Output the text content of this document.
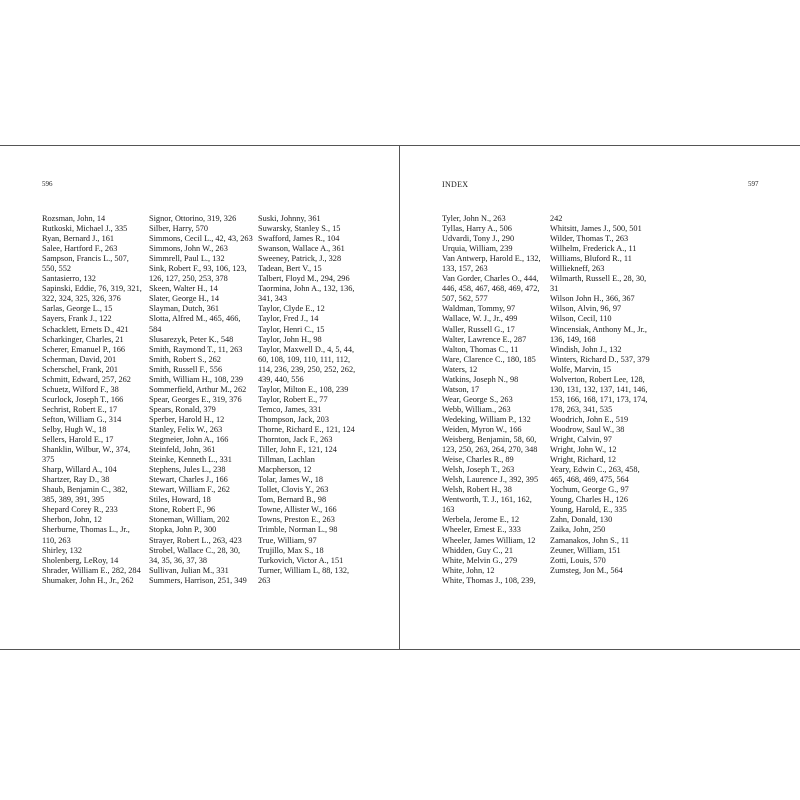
596
Rozsman, John, 14
Rutkoski, Michael J., 335
Ryan, Bernard J., 161
Salee, Hartford F., 263
Sampson, Francis L., 507,
550, 552
Santasierro, 132
Sapinski, Eddie, 76, 319, 321,
322, 324, 325, 326, 376
Sarlas, George L., 15
Sayers, Frank J., 122
Schacklett, Ernets D., 421
Scharkinger, Charles, 21
Scherer, Emanuel P., 166
Scherman, David, 201
Scherschel, Frank, 201
Schmitt, Edward, 257, 262
Schuetz, Wilford F., 38
Scurlock, Joseph T., 166
Sechrist, Robert E., 17
Sefton, William G., 314
Selby, Hugh W., 18
Sellers, Harold E., 17
Shanklin, Wilbur, W., 374,
375
Sharp, Willard A., 104
Shartzer, Ray D., 38
Shaub, Benjamin C., 382,
385, 389, 391, 395
Shepard Corey R., 233
Sherbon, John, 12
Sherburne, Thomas L., Jr.,
110, 263
Shirley, 132
Sholenberg, LeRoy, 14
Shrader, William E., 282, 284
Shumaker, John H., Jr., 262
Signor, Ottorino, 319, 326
Silber, Harry, 570
Simmons, Cecil L., 42, 43, 263
Simmons, John W., 263
Simmrell, Paul L., 132
Sink, Robert F., 93, 106, 123,
126, 127, 250, 253, 378
Skeen, Walter H., 14
Slater, George H., 14
Slayman, Dutch, 361
Slotta, Alfred M., 465, 466,
584
Slusarezyk, Peter K., 548
Smith, Raymond T., 11, 263
Smith, Robert S., 262
Smith, Russell F., 556
Smith, William H., 108, 239
Sommerfield, Arthur M., 262
Spear, Georges E., 319, 376
Spears, Ronald, 379
Sperber, Harold H., 12
Stanley, Felix W., 263
Stegmeier, John A., 166
Steinfeld, John, 361
Steinke, Kenneth L., 331
Stephens, Jules L., 238
Stewart, Charles J., 166
Stewart, William F., 262
Stiles, Howard, 18
Stone, Robert F., 96
Stoneman, William, 202
Stopka, John P., 300
Strayer, Robert L., 263, 423
Strobel, Wallace C., 28, 30,
34, 35, 36, 37, 38
Sullivan, Julian M., 331
Summers, Harrison, 251, 349
Suski, Johnny, 361
Suwarsky, Stanley S., 15
Swafford, James R., 104
Swanson, Wallace A., 361
Sweeney, Patrick, J., 328
Tadean, Bert V., 15
Talbert, Floyd M., 294, 296
Taormina, John A., 132, 136,
341, 343
Taylor, Clyde E., 12
Taylor, Fred J., 14
Taylor, Henri C., 15
Taylor, John H., 98
Taylor, Maxwell D., 4, 5, 44,
60, 108, 109, 110, 111, 112,
114, 236, 239, 250, 252, 262,
439, 440, 556
Taylor, Milton E., 108, 239
Taylor, Robert E., 77
Temco, James, 331
Thompson, Jack, 203
Thorne, Richard E., 121, 124
Thornton, Jack F., 263
Tiller, John F., 121, 124
Tillman, Lachlan
Macpherson, 12
Tolar, James W., 18
Tollet, Clovis Y., 263
Tom, Bernard B., 98
Towne, Allister W., 166
Towns, Preston E., 263
Trimble, Norman L., 98
True, William, 97
Trujillo, Max S., 18
Turkovich, Victor A., 151
Turner, William L, 88, 132,
263
INDEX	597
Tyler, John N., 263
Tyllas, Harry A., 506
Udvardi, Tony J., 290
Urquia, William, 239
Van Antwerp, Harold E., 132,
133, 157, 263
Van Gorder, Charles O., 444,
446, 458, 467, 468, 469, 472,
507, 562, 577
Waldman, Tommy, 97
Wallace, W. J., Jr., 499
Waller, Russell G., 17
Walter, Lawrence E., 287
Walton, Thomas C., 11
Ware, Clarence C., 180, 185
Waters, 12
Watkins, Joseph N., 98
Watson, 17
Wear, George S., 263
Webb, William., 263
Wedeking, William P., 132
Weiden, Myron W., 166
Weisberg, Benjamin, 58, 60,
123, 250, 263, 264, 270, 348
Weise, Charles R., 89
Welsh, Joseph T., 263
Welsh, Laurence J., 392, 395
Welsh, Robert H., 38
Wentworth, T. J., 161, 162,
163
Werbela, Jerome E., 12
Wheeler, Ernest E., 333
Wheeler, James William, 12
Whidden, Guy C., 21
White, Melvin G., 279
White, John, 12
White, Thomas J., 108, 239,
242
Whitsitt, James J., 500, 501
Wilder, Thomas T., 263
Wilhelm, Frederick A., 11
Williams, Bluford R., 11
Williekneff, 263
Wilmarth, Russell E., 28, 30,
31
Wilson John H., 366, 367
Wilson, Alvin, 96, 97
Wilson, Cecil, 110
Wincensiak, Anthony M., Jr.,
136, 149, 168
Windish, John J., 132
Winters, Richard D., 537, 379
Wolfe, Marvin, 15
Wolverton, Robert Lee, 128,
130, 131, 132, 137, 141, 146,
153, 166, 168, 171, 173, 174,
178, 263, 341, 535
Woodrich, John E., 519
Woodrow, Saul W., 38
Wright, Calvin, 97
Wright, John W., 12
Wright, Richard, 12
Yeary, Edwin C., 263, 458,
465, 468, 469, 475, 564
Yochum, George G., 97
Young, Charles H., 126
Young, Harold, E., 335
Zahn, Donald, 130
Zaika, John, 250
Zamanakos, John S., 11
Zeuner, William, 151
Zotti, Louis, 570
Zumsteg, Jon M., 564
